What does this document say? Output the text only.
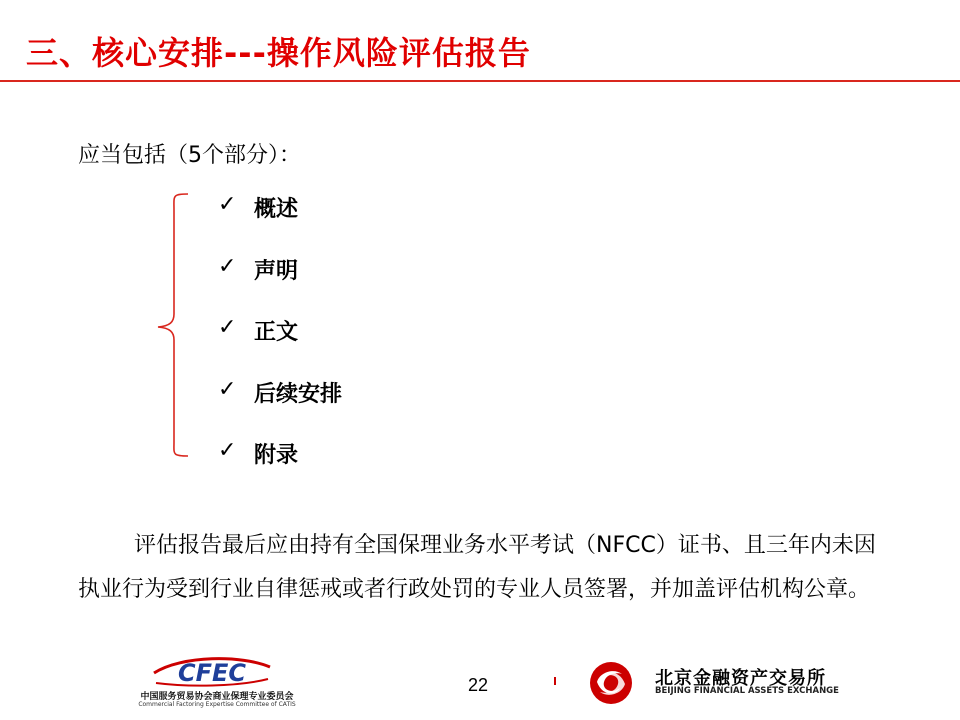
三、核心安排---操作风险评估报告
应当包括（5个部分）：
✓ 概述
✓ 声明
✓ 正文
✓ 后续安排
✓ 附录

评估报告最后应由持有全国保理业务水平考试（NFCC）证书、且三年内未因执业行为受到行业自律惩戒或者行政处罚的专业人员签署，并加盖评估机构公章。

CFEC
中国服务贸易协会商业保理专业委员会
Commercial Factoring Expertise Committee of CATIS
22	北京金融资产交易所
BEIJING FINANCIAL ASSETS EXCHANGE
